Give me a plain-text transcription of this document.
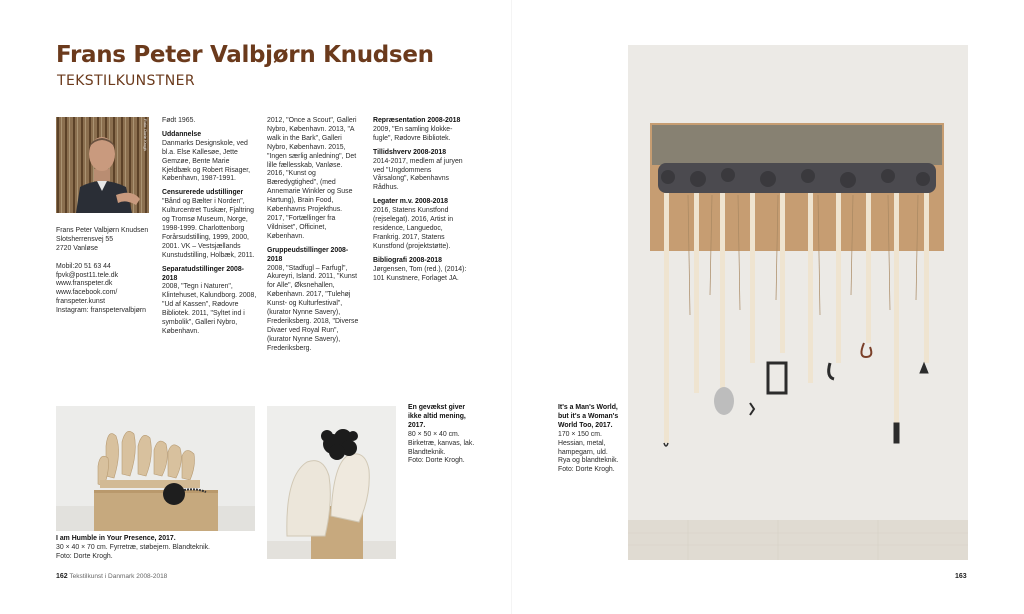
Frans Peter Valbjørn Knudsen
TEKSTILKUNSTNER
Foto: Dorte Krogh

Frans Peter Valbjørn Knudsen

Slotsherrensvej 55

2720 Vanløse

Mobil:20 51 63 44

fpvk@post11.tele.dk

www.franspeter.dk

www.facebook.com/

franspeter.kunst

Instagram: franspetervalbjørn

Født 1965.

Uddannelse

Danmarks Designskole, ved bl.a. Else Kallesøe, Jette Gemzøe, Bente Marie Kjeldbæk og Robert Risager, København, 1987-1991.

Censurerede udstillinger

"Bånd og Bælter i Norden", Kulturcentret Tuskær, Fjaltring og Tromsø Museum, Norge, 1998-1999. Charlottenborg Forårsudstilling, 1999, 2000, 2001. VK – Vestsjællands Kunstudstilling, Holbæk, 2011.

Separatudstillinger 2008-2018

2008, "Tegn i Naturen", Klintehuset, Kalundborg. 2008, "Ud af Kassen", Rødovre Bibliotek. 2011, "Syltet ind i symbolik", Galleri Nybro, København.

2012, "Once a Scout", Galleri Nybro, København. 2013, "A walk in the Bark", Galleri Nybro, København. 2015, "Ingen særlig anledning", Det lille fællesskab, Vanløse. 2016, "Kunst og Bæredygtighed", (med Annemarie Winkler og Suse Hartung), Brain Food, Københavns Projekthus. 2017, "Fortællinger fra Vildniset", Officinet, København.

Gruppeudstillinger 2008-2018

2008, "Stadfugl – Farfugl", Akureyri, Island. 2011, "Kunst for Alle", Øksnehallen, København. 2017, "Tulehøj Kunst- og Kulturfestival", (kurator Nynne Savery), Frederiksberg. 2018, "Diverse Divaer ved Royal Run", (kurator Nynne Savery), Frederiksberg.

Repræsentation 2008-2018

2009, "En samling klokke-fugle", Rødovre Bibliotek.

Tillidshverv 2008-2018

2014-2017, medlem af juryen ved "Ungdommens Vårsalong", Københavns Rådhus.

Legater m.v. 2008-2018

2016, Statens Kunstfond (rejselegat). 2016, Artist in residence, Languedoc, Frankrig. 2017, Statens Kunstfond (projektstøtte).

Bibliografi 2008-2018

Jørgensen, Tom (red.), (2014): 101 Kunstnere, Forlaget JA.

I am Humble in Your Presence, 2017.

30 × 40 × 70 cm. Fyrretræ, støbejern. Blandteknik.

Foto: Dorte Krogh.

En gevækst giver ikke altid mening, 2017.

80 × 50 × 40 cm.

Birketræ, kanvas, lak. Blandteknik.

Foto: Dorte Krogh.

It's a Man's World, but it's a Woman's World Too, 2017.

170 × 150 cm.

Hessian, metal, hampegarn, uld.

Rya og blandteknik.

Foto: Dorte Krogh.

162 Tekstilkunst i Danmark 2008-2018	163
